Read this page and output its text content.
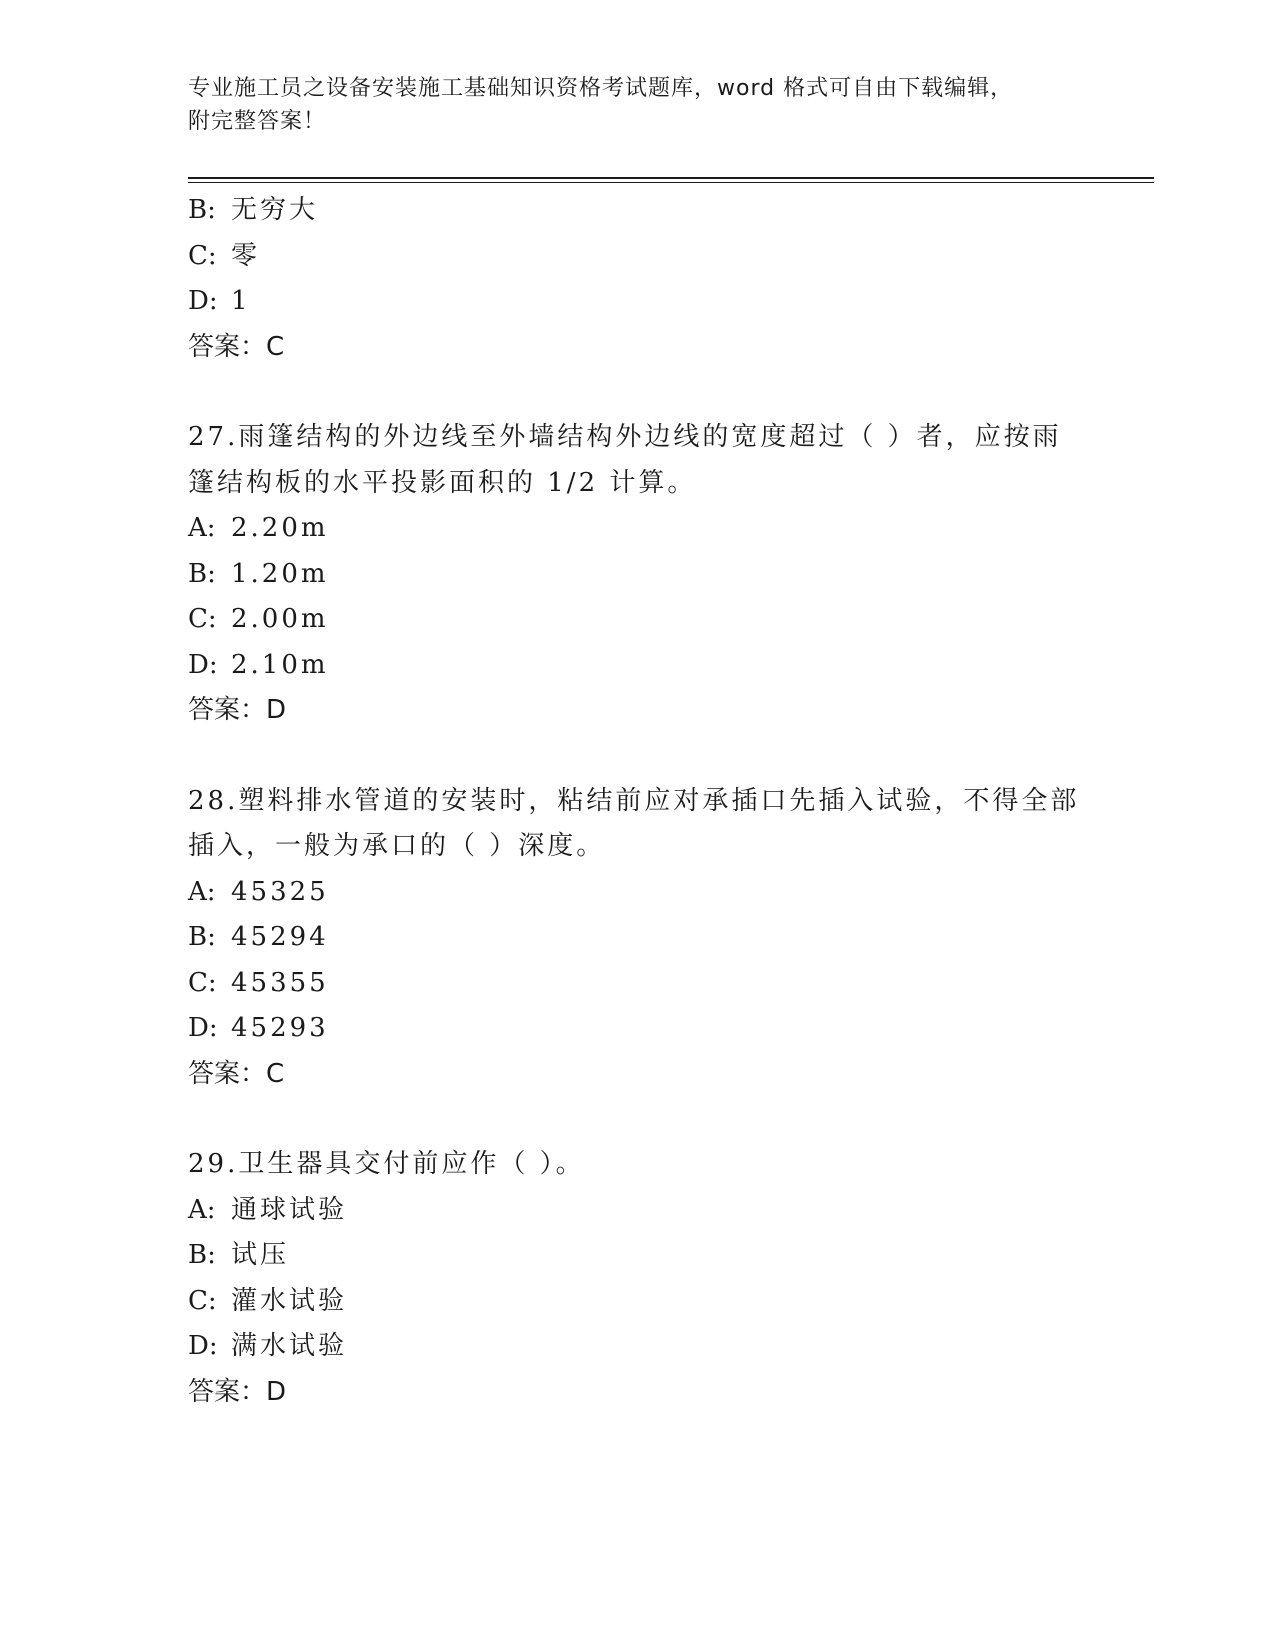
专业施工员之设备安装施工基础知识资格考试题库，word 格式可自由下载编辑，
附完整答案！
B: 无穷大
C: 零
D: 1
答案：C
27.雨篷结构的外边线至外墙结构外边线的宽度超过（ ）者，应按雨
篷结构板的水平投影面积的 1/2 计算。
A: 2.20m
B: 1.20m
C: 2.00m
D: 2.10m
答案：D
28.塑料排水管道的安装时，粘结前应对承插口先插入试验，不得全部
插入，一般为承口的（ ）深度。
A: 45325
B: 45294
C: 45355
D: 45293
答案：C
29.卫生器具交付前应作（ ）。
A: 通球试验
B: 试压
C: 灌水试验
D: 满水试验
答案：D
